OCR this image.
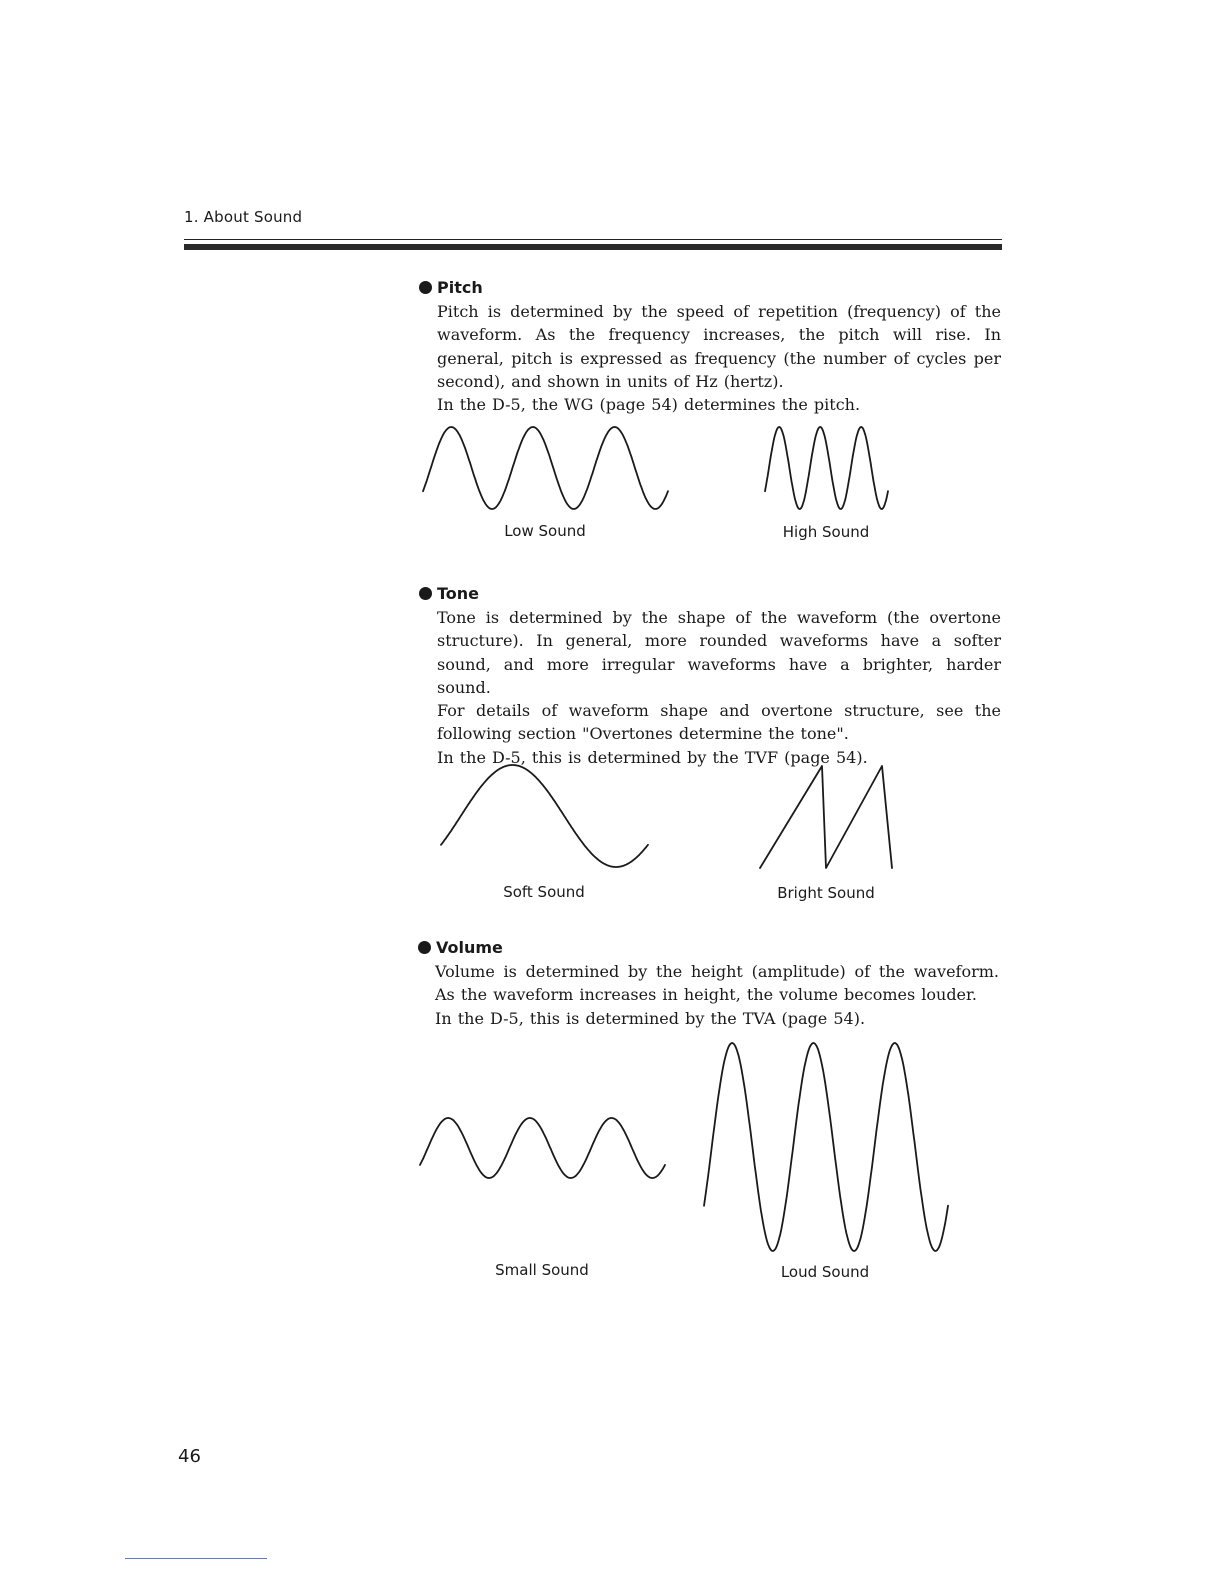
1. About Sound
Pitch

Pitch is determined by the speed of repetition (frequency) of the waveform. As the frequency increases, the pitch will rise. In general, pitch is expressed as frequency (the number of cycles per second), and shown in units of Hz (hertz).

In the D-5, the WG (page 54) determines the pitch.

Low Sound	High Sound
Tone

Tone is determined by the shape of the waveform (the overtone structure). In general, more rounded waveforms have a softer sound, and more irregular waveforms have a brighter, harder sound.

For details of waveform shape and overtone structure, see the following section "Overtones determine the tone".

In the D-5, this is determined by the TVF (page 54).

Soft Sound	Bright Sound
Volume

Volume is determined by the height (amplitude) of the waveform. As the waveform increases in height, the volume becomes louder.

In the D-5, this is determined by the TVA (page 54).

Small Sound	Loud Sound
46
